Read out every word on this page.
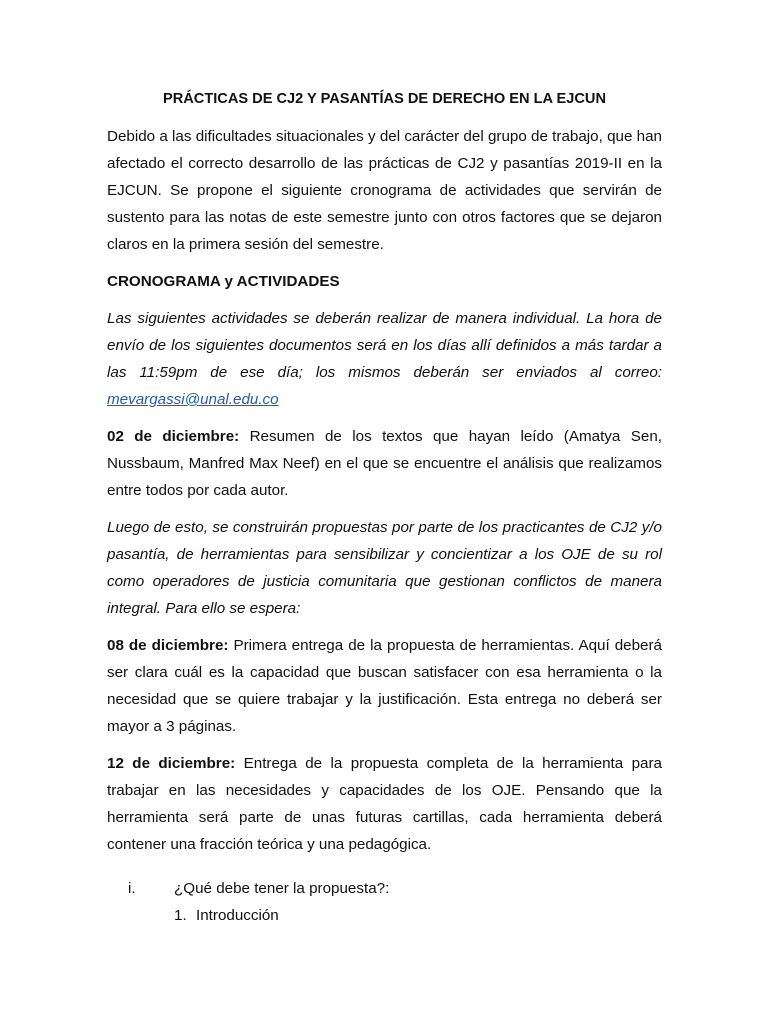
PRÁCTICAS DE CJ2 Y PASANTÍAS DE DERECHO EN LA EJCUN

Debido a las dificultades situacionales y del carácter del grupo de trabajo, que han afectado el correcto desarrollo de las prácticas de CJ2 y pasantías 2019-II en la EJCUN. Se propone el siguiente cronograma de actividades que servirán de sustento para las notas de este semestre junto con otros factores que se dejaron claros en la primera sesión del semestre.

CRONOGRAMA y ACTIVIDADES

Las siguientes actividades se deberán realizar de manera individual. La hora de envío de los siguientes documentos será en los días allí definidos a más tardar a las 11:59pm de ese día; los mismos deberán ser enviados al correo: mevargassi@unal.edu.co

02 de diciembre: Resumen de los textos que hayan leído (Amatya Sen, Nussbaum, Manfred Max Neef) en el que se encuentre el análisis que realizamos entre todos por cada autor.

Luego de esto, se construirán propuestas por parte de los practicantes de CJ2 y/o pasantía, de herramientas para sensibilizar y concientizar a los OJE de su rol como operadores de justicia comunitaria que gestionan conflictos de manera integral. Para ello se espera:

08 de diciembre: Primera entrega de la propuesta de herramientas. Aquí deberá ser clara cuál es la capacidad que buscan satisfacer con esa herramienta o la necesidad que se quiere trabajar y la justificación. Esta entrega no deberá ser mayor a 3 páginas.

12 de diciembre: Entrega de la propuesta completa de la herramienta para trabajar en las necesidades y capacidades de los OJE. Pensando que la herramienta será parte de unas futuras cartillas, cada herramienta deberá contener una fracción teórica y una pedagógica.

i.	¿Qué debe tener la propuesta?:
1. Introducción
